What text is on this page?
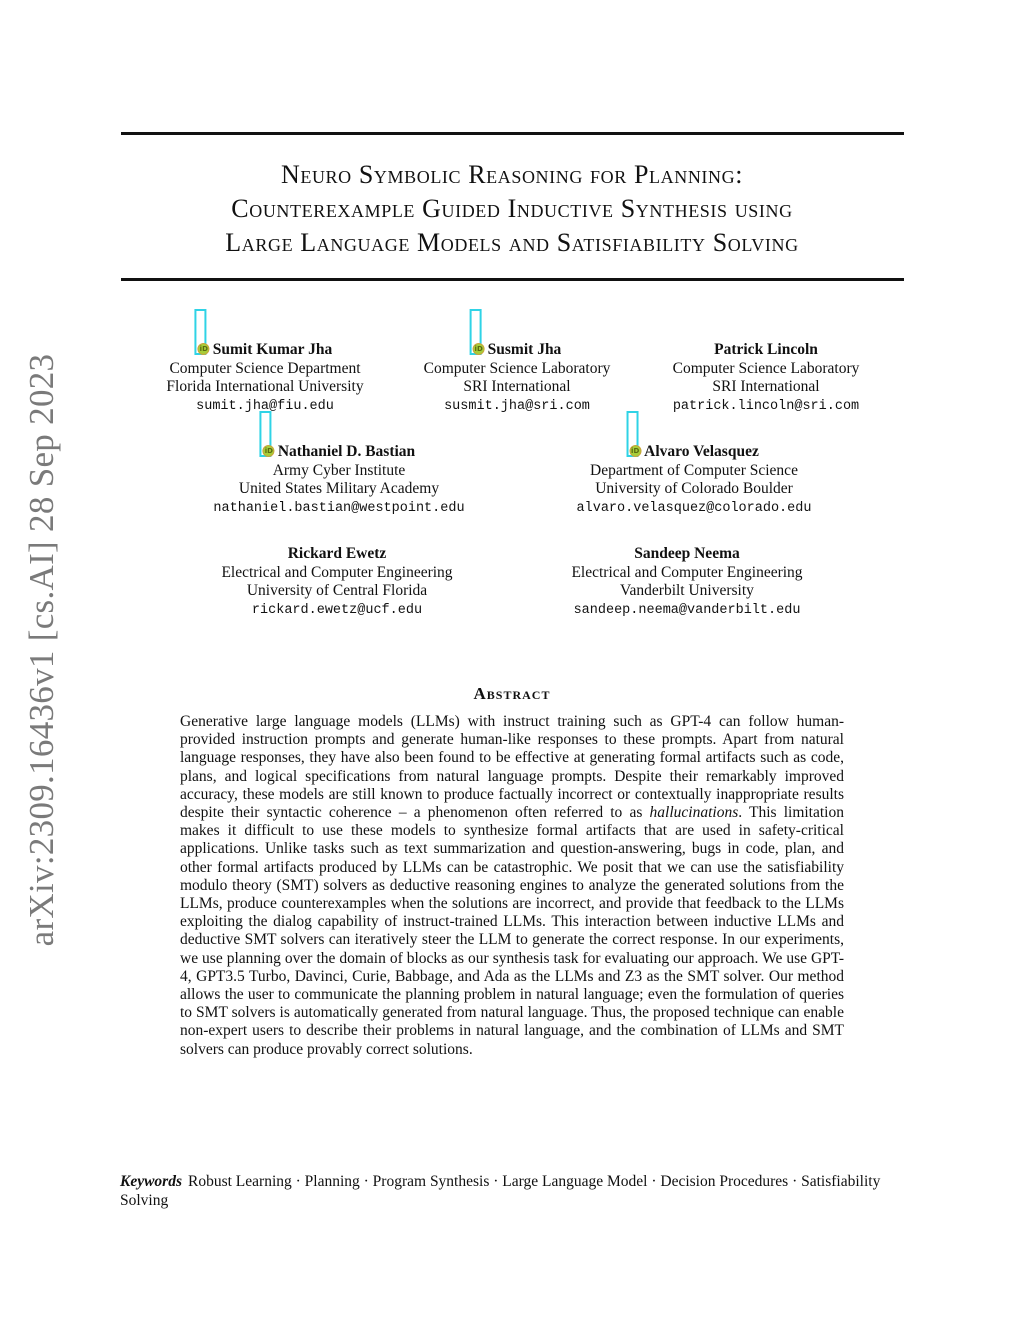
arXiv:2309.16436v1 [cs.AI] 28 Sep 2023
Neuro Symbolic Reasoning for Planning:
Counterexample Guided Inductive Synthesis using
Large Language Models and Satisfiability Solving
iD Sumit Kumar Jha
Computer Science Department
Florida International University
sumit.jha@fiu.edu
iD Susmit Jha
Computer Science Laboratory
SRI International
susmit.jha@sri.com
Patrick Lincoln
Computer Science Laboratory
SRI International
patrick.lincoln@sri.com
iD Nathaniel D. Bastian
Army Cyber Institute
United States Military Academy
nathaniel.bastian@westpoint.edu
iD Alvaro Velasquez
Department of Computer Science
University of Colorado Boulder
alvaro.velasquez@colorado.edu
Rickard Ewetz
Electrical and Computer Engineering
University of Central Florida
rickard.ewetz@ucf.edu
Sandeep Neema
Electrical and Computer Engineering
Vanderbilt University
sandeep.neema@vanderbilt.edu
Abstract

Generative large language models (LLMs) with instruct training such as GPT-4 can follow human-provided instruction prompts and generate human-like responses to these prompts. Apart from natural language responses, they have also been found to be effective at generating formal artifacts such as code, plans, and logical specifications from natural language prompts. Despite their remarkably improved accuracy, these models are still known to produce factually incorrect or contextually inappropriate results despite their syntactic coherence – a phenomenon often referred to as hallucinations. This limitation makes it difficult to use these models to synthesize formal artifacts that are used in safety-critical applications. Unlike tasks such as text summarization and question-answering, bugs in code, plan, and other formal artifacts produced by LLMs can be catastrophic. We posit that we can use the satisfiability modulo theory (SMT) solvers as deductive reasoning engines to analyze the generated solutions from the LLMs, produce counterexamples when the solutions are incorrect, and provide that feedback to the LLMs exploiting the dialog capability of instruct-trained LLMs. This interaction between inductive LLMs and deductive SMT solvers can iteratively steer the LLM to generate the correct response. In our experiments, we use planning over the domain of blocks as our synthesis task for evaluating our approach. We use GPT-4, GPT3.5 Turbo, Davinci, Curie, Babbage, and Ada as the LLMs and Z3 as the SMT solver. Our method allows the user to communicate the planning problem in natural language; even the formulation of queries to SMT solvers is automatically generated from natural language. Thus, the proposed technique can enable non-expert users to describe their problems in natural language, and the combination of LLMs and SMT solvers can produce provably correct solutions.

Keywords Robust Learning · Planning · Program Synthesis · Large Language Model · Decision Procedures · Satisfiability Solving
